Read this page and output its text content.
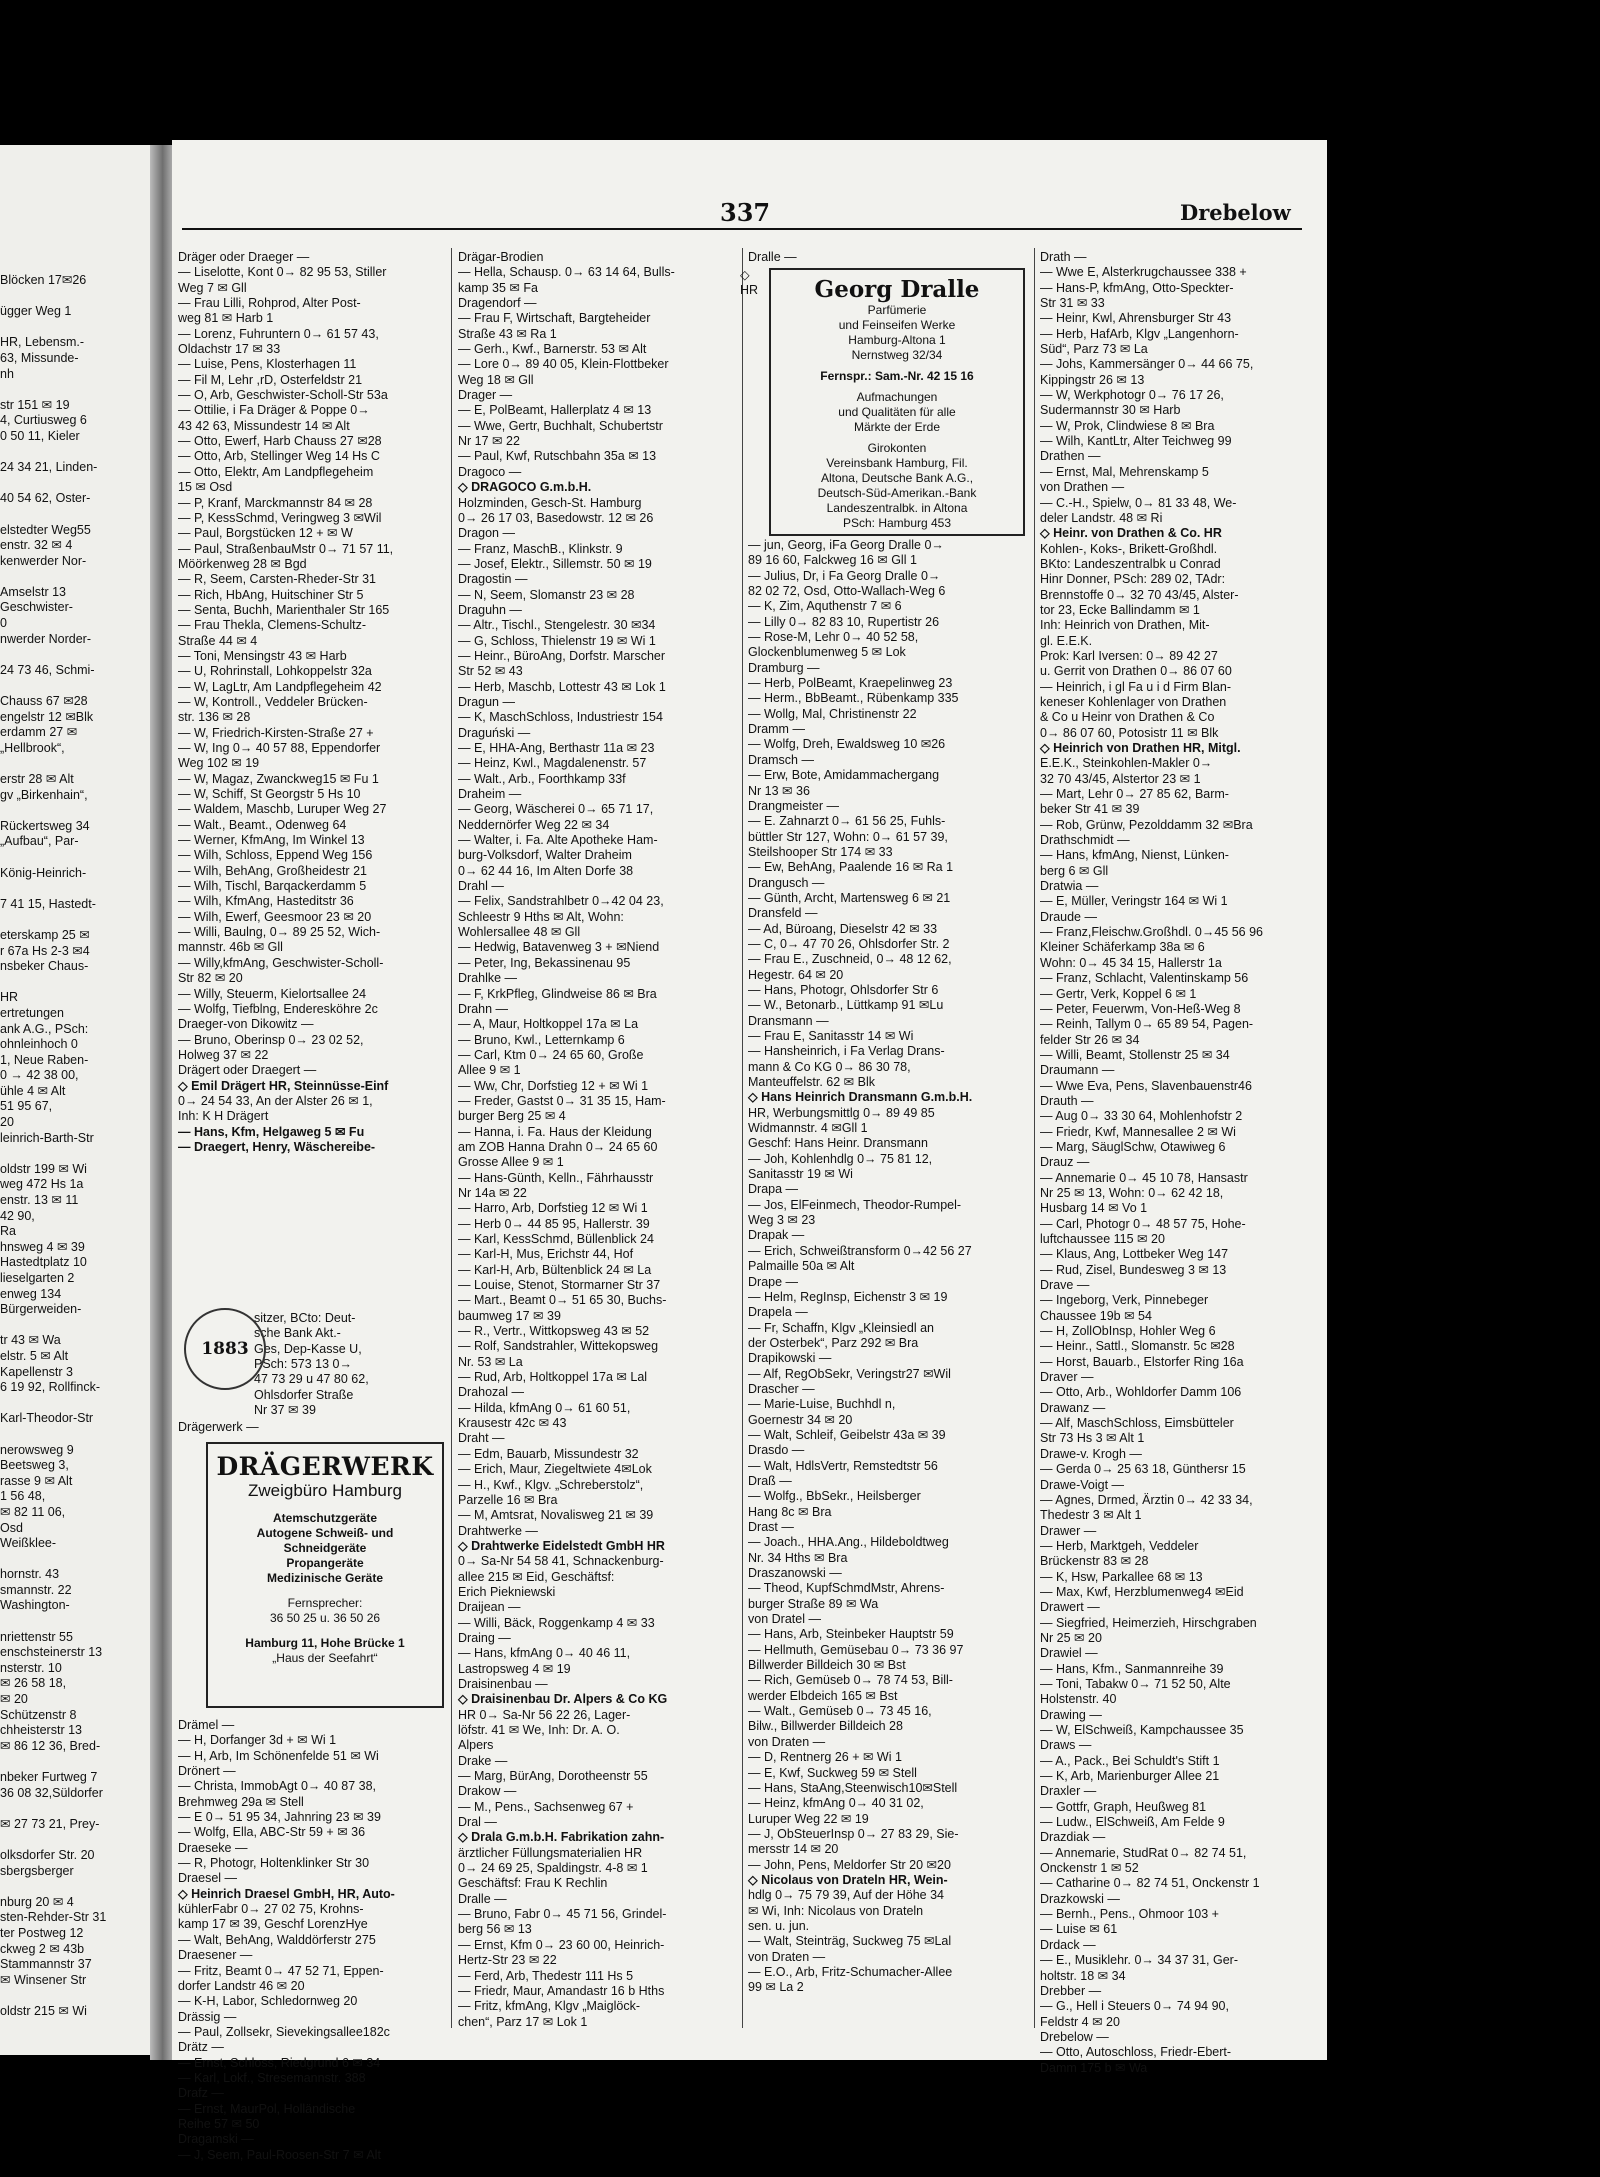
Blöcken 17✉26

ügger Weg 1

HR, Lebensm.-
63, Missunde-
nh

str 151 ✉ 19
4, Curtiusweg 6
0 50 11, Kieler

24 34 21, Linden-

40 54 62, Oster-

elstedter Weg55
enstr. 32 ✉ 4
kenwerder Nor-

Amselstr 13
Geschwister-
0
nwerder Norder-

24 73 46, Schmi-

Chauss 67 ✉28
engelstr 12 ✉Blk
erdamm 27 ✉
„Hellbrook“,

erstr 28 ✉ Alt
gv „Birkenhain“,

Rückertsweg 34
„Aufbau“, Par-

König-Heinrich-

7 41 15, Hastedt-

eterskamp 25 ✉
r 67a Hs 2-3 ✉4
nsbeker Chaus-

HR
ertretungen
ank A.G., PSch:
ohnleinhoch 0
1, Neue Raben-
0 → 42 38 00,
ühle 4 ✉ Alt
51 95 67,
20
leinrich-Barth-Str

oldstr 199 ✉ Wi
weg 472 Hs 1a
enstr. 13 ✉ 11
42 90,
Ra
hnsweg 4 ✉ 39
Hastedtplatz 10
lieselgarten 2
enweg 134
Bürgerweiden-

tr 43 ✉ Wa
elstr. 5 ✉ Alt
Kapellenstr 3
6 19 92, Rollfinck-

Karl-Theodor-Str

nerowsweg 9
Beetsweg 3,
rasse 9 ✉ Alt
1 56 48,
✉ 82 11 06,
Osd
Weißklee-

hornstr. 43
smannstr. 22
Washington-

nriettenstr 55
enschsteinerstr 13
nsterstr. 10
✉ 26 58 18,
✉ 20
Schützenstr 8
chheisterstr 13
✉ 86 12 36, Bred-

nbeker Furtweg 7
36 08 32,Süldorfer

✉ 27 73 21, Prey-

olksdorfer Str. 20
sbergsberger

nburg 20 ✉ 4
sten-Rehder-Str 31
ter Postweg 12
ckweg 2 ✉ 43b
Stammannstr 37
✉ Winsener Str

oldstr 215 ✉ Wi
337	Drebelow
Dräger oder Draeger —
— Liselotte, Kont 0→ 82 95 53, Stiller
Weg 7 ✉ Gll
— Frau Lilli, Rohprod, Alter Post-
weg 81 ✉ Harb 1
— Lorenz, Fuhruntern 0→ 61 57 43,
Oldachstr 17 ✉ 33
— Luise, Pens, Klosterhagen 11
— Fil M, Lehr ,rD, Osterfeldstr 21
— O, Arb, Geschwister-Scholl-Str 53a
— Ottilie, i Fa Dräger & Poppe 0→
43 42 63, Missundestr 14 ✉ Alt
— Otto, Ewerf, Harb Chauss 27 ✉28
— Otto, Arb, Stellinger Weg 14 Hs C
— Otto, Elektr, Am Landpflegeheim
15 ✉ Osd
— P, Kranf, Marckmannstr 84 ✉ 28
— P, KessSchmd, Veringweg 3 ✉Wil
— Paul, Borgstücken 12 + ✉ W
— Paul, StraßenbauMstr 0→ 71 57 11,
Möörkenweg 28 ✉ Bgd
— R, Seem, Carsten-Rheder-Str 31
— Rich, HbAng, Huitschiner Str 5
— Senta, Buchh, Marienthaler Str 165
— Frau Thekla, Clemens-Schultz-
Straße 44 ✉ 4
— Toni, Mensingstr 43 ✉ Harb
— U, Rohrinstall, Lohkoppelstr 32a
— W, LagLtr, Am Landpflegeheim 42
— W, Kontroll., Veddeler Brücken-
str. 136 ✉ 28
— W, Friedrich-Kirsten-Straße 27 +
— W, Ing 0→ 40 57 88, Eppendorfer
Weg 102 ✉ 19
— W, Magaz, Zwanckweg15 ✉ Fu 1
— W, Schiff, St Georgstr 5 Hs 10
— Waldem, Maschb, Luruper Weg 27
— Walt., Beamt., Odenweg 64
— Werner, KfmAng, Im Winkel 13
— Wilh, Schloss, Eppend Weg 156
— Wilh, BehAng, Großheidestr 21
— Wilh, Tischl, Barqackerdamm 5
— Wilh, KfmAng, Hasteditstr 36
— Wilh, Ewerf, Geesmoor 23 ✉ 20
— Willi, Baulng, 0→ 89 25 52, Wich-
mannstr. 46b ✉ Gll
— Willy,kfmAng, Geschwister-Scholl-
Str 82 ✉ 20
— Willy, Steuerm, Kielortsallee 24
— Wolfg, Tiefblng, Enderesköhre 2c
Draeger-von Dikowitz —
— Bruno, Oberinsp 0→ 23 02 52,
Holweg 37 ✉ 22
Drägert oder Draegert —
◇ Emil Drägert HR, Steinnüsse-Einf
0→ 24 54 33, An der Alster 26 ✉ 1,
Inh: K H Drägert
— Hans, Kfm, Helgaweg 5 ✉ Fu
— Draegert, Henry, Wäschereibe-
sitzer, BCto: Deut-
sche Bank Akt.-
Ges, Dep-Kasse U,
PSch: 573 13 0→
47 73 29 u 47 80 62,
Ohlsdorfer Straße
Nr 37 ✉ 39
1883
Drägerwerk —
DRÄGERWERK
Zweigbüro Hamburg
Atemschutzgeräte
Autogene Schweiß- und
Schneidgeräte
Propangeräte
Medizinische Geräte
Fernsprecher:
36 50 25 u. 36 50 26
Hamburg 11, Hohe Brücke 1
„Haus der Seefahrt“
Drämel —
— H, Dorfanger 3d + ✉ Wi 1
— H, Arb, Im Schönenfelde 51 ✉ Wi
Drönert —
— Christa, ImmobAgt 0→ 40 87 38,
Brehmweg 29a ✉ Stell
— E 0→ 51 95 34, Jahnring 23 ✉ 39
— Wolfg, Ella, ABC-Str 59 + ✉ 36
Draeseke —
— R, Photogr, Holtenklinker Str 30
Draesel —
◇ Heinrich Draesel GmbH, HR, Auto-
kühlerFabr 0→ 27 02 75, Krohns-
kamp 17 ✉ 39, Geschf LorenzHye
— Walt, BehAng, Walddörferstr 275
Draesener —
— Fritz, Beamt 0→ 47 52 71, Eppen-
dorfer Landstr 46 ✉ 20
— K-H, Labor, Schledornweg 20
Drässig —
— Paul, Zollsekr, Sievekingsallee182c
Drätz —
— Ernst, Schloss, Riedgrund 6 ✉ 34
— Karl, Lokf., Stresemannstr. 388
Drafz —
— Ernst, MaurPol, Holländische
Reihe 57 ✉ 50
Dragamski —
— J, Seem, Paul-Roosen-Str 7 ✉ Alt
Drägar-Brodien
— Hella, Schausp. 0→ 63 14 64, Bulls-
kamp 35 ✉ Fa
Dragendorf —
— Frau F, Wirtschaft, Bargteheider
Straße 43 ✉ Ra 1
— Gerh., Kwf., Barnerstr. 53 ✉ Alt
— Lore 0→ 89 40 05, Klein-Flottbeker
Weg 18 ✉ Gll
Drager —
— E, PolBeamt, Hallerplatz 4 ✉ 13
— Wwe, Gertr, Buchhalt, Schubertstr
Nr 17 ✉ 22
— Paul, Kwf, Rutschbahn 35a ✉ 13
Dragoco —
◇ DRAGOCO G.m.b.H.
Holzminden, Gesch-St. Hamburg
0→ 26 17 03, Basedowstr. 12 ✉ 26
Dragon —
— Franz, MaschB., Klinkstr. 9
— Josef, Elektr., Sillemstr. 50 ✉ 19
Dragostin —
— N, Seem, Slomanstr 23 ✉ 28
Draguhn —
— Altr., Tischl., Stengelestr. 30 ✉34
— G, Schloss, Thielenstr 19 ✉ Wi 1
— Heinr., BüroAng, Dorfstr. Marscher
Str 52 ✉ 43
— Herb, Maschb, Lottestr 43 ✉ Lok 1
Dragun —
— K, MaschSchloss, Industriestr 154
Draguński —
— E, HHA-Ang, Berthastr 11a ✉ 23
— Heinz, Kwl., Magdalenenstr. 57
— Walt., Arb., Foorthkamp 33f
Draheim —
— Georg, Wäscherei 0→ 65 71 17,
Neddernörfer Weg 22 ✉ 34
— Walter, i. Fa. Alte Apotheke Ham-
burg-Volksdorf, Walter Draheim
0→ 62 44 16, Im Alten Dorfe 38
Drahl —
— Felix, Sandstrahlbetr 0→42 04 23,
Schleestr 9 Hths ✉ Alt, Wohn:
Wohlersallee 48 ✉ Gll
— Hedwig, Batavenweg 3 + ✉Niend
— Peter, Ing, Bekassinenau 95
Drahlke —
— F, KrkPfleg, Glindweise 86 ✉ Bra
Drahn —
— A, Maur, Holtkoppel 17a ✉ La
— Bruno, Kwl., Letternkamp 6
— Carl, Ktm 0→ 24 65 60, Große
Allee 9 ✉ 1
— Ww, Chr, Dorfstieg 12 + ✉ Wi 1
— Freder, Gastst 0→ 31 35 15, Ham-
burger Berg 25 ✉ 4
— Hanna, i. Fa. Haus der Kleidung
am ZOB Hanna Drahn 0→ 24 65 60
Grosse Allee 9 ✉ 1
— Hans-Günth, Kelln., Fährhausstr
Nr 14a ✉ 22
— Harro, Arb, Dorfstieg 12 ✉ Wi 1
— Herb 0→ 44 85 95, Hallerstr. 39
— Karl, KessSchmd, Büllenblick 24
— Karl-H, Mus, Erichstr 44, Hof
— Karl-H, Arb, Bültenblick 24 ✉ La
— Louise, Stenot, Stormarner Str 37
— Mart., Beamt 0→ 51 65 30, Buchs-
baumweg 17 ✉ 39
— R., Vertr., Wittkopsweg 43 ✉ 52
— Rolf, Sandstrahler, Wittekopsweg
Nr. 53 ✉ La
— Rud, Arb, Holtkoppel 17a ✉ Lal
Drahozal —
— Hilda, kfmAng 0→ 61 60 51,
Krausestr 42c ✉ 43
Draht —
— Edm, Bauarb, Missundestr 32
— Erich, Maur, Ziegeltwiete 4✉Lok
— H., Kwf., Klgv. „Schreberstolz“,
Parzelle 16 ✉ Bra
— M, Amtsrat, Novalisweg 21 ✉ 39
Drahtwerke —
◇ Drahtwerke Eidelstedt GmbH HR
0→ Sa-Nr 54 58 41, Schnackenburg-
allee 215 ✉ Eid, Geschäftsf:
Erich Piekniewski
Draijean —
— Willi, Bäck, Roggenkamp 4 ✉ 33
Draing —
— Hans, kfmAng 0→ 40 46 11,
Lastropsweg 4 ✉ 19
Draisinenbau —
◇ Draisinenbau Dr. Alpers & Co KG
HR 0→ Sa-Nr 56 22 26, Lager-
löfstr. 41 ✉ We, Inh: Dr. A. O.
Alpers
Drake —
— Marg, BürAng, Dorotheenstr 55
Drakow —
— M., Pens., Sachsenweg 67 +
Dral —
◇ Drala G.m.b.H. Fabrikation zahn-
ärztlicher Füllungsmaterialien HR
0→ 24 69 25, Spaldingstr. 4-8 ✉ 1
Geschäftsf: Frau K Rechlin
Dralle —
— Bruno, Fabr 0→ 45 71 56, Grindel-
berg 56 ✉ 13
— Ernst, Kfm 0→ 23 60 00, Heinrich-
Hertz-Str 23 ✉ 22
— Ferd, Arb, Thedestr 111 Hs 5
— Friedr, Maur, Amandastr 16 b Hths
— Fritz, kfmAng, Klgv „Maiglöck-
chen“, Parz 17 ✉ Lok 1
Dralle —
◇ HR	Georg Dralle
Parfümerie
und Feinseifen Werke
Hamburg-Altona 1
Nernstweg 32/34
Fernspr.: Sam.-Nr. 42 15 16
Aufmachungen
und Qualitäten für alle
Märkte der Erde
Girokonten
Vereinsbank Hamburg, Fil.
Altona, Deutsche Bank A.G.,
Deutsch-Süd-Amerikan.-Bank
Landeszentralbk. in Altona
PSch: Hamburg 453
— jun, Georg, iFa Georg Dralle 0→
89 16 60, Falckweg 16 ✉ Gll 1
— Julius, Dr, i Fa Georg Dralle 0→
82 02 72, Osd, Otto-Wallach-Weg 6
— K, Zim, Aquthenstr 7 ✉ 6
— Lilly 0→ 82 83 10, Rupertistr 26
— Rose-M, Lehr 0→ 40 52 58,
Glockenblumenweg 5 ✉ Lok
Dramburg —
— Herb, PolBeamt, Kraepelinweg 23
— Herm., BbBeamt., Rübenkamp 335
— Wollg, Mal, Christinenstr 22
Dramm —
— Wolfg, Dreh, Ewaldsweg 10 ✉26
Dramsch —
— Erw, Bote, Amidammachergang
Nr 13 ✉ 36
Drangmeister —
— E. Zahnarzt 0→ 61 56 25, Fuhls-
büttler Str 127, Wohn: 0→ 61 57 39,
Steilshooper Str 174 ✉ 33
— Ew, BehAng, Paalende 16 ✉ Ra 1
Drangusch —
— Günth, Archt, Martensweg 6 ✉ 21
Dransfeld —
— Ad, Büroang, Dieselstr 42 ✉ 33
— C, 0→ 47 70 26, Ohlsdorfer Str. 2
— Frau E., Zuschneid, 0→ 48 12 62,
Hegestr. 64 ✉ 20
— Hans, Photogr, Ohlsdorfer Str 6
— W., Betonarb., Lüttkamp 91 ✉Lu
Dransmann —
— Frau E, Sanitasstr 14 ✉ Wi
— Hansheinrich, i Fa Verlag Drans-
mann & Co KG 0→ 86 30 78,
Manteuffelstr. 62 ✉ Blk
◇ Hans Heinrich Dransmann G.m.b.H.
HR, Werbungsmittlg 0→ 89 49 85
Widmannstr. 4 ✉Gll 1
Geschf: Hans Heinr. Dransmann
— Joh, Kohlenhdlg 0→ 75 81 12,
Sanitasstr 19 ✉ Wi
Drapa —
— Jos, ElFeinmech, Theodor-Rumpel-
Weg 3 ✉ 23
Drapak —
— Erich, Schweißtransform 0→42 56 27
Palmaille 50a ✉ Alt
Drape —
— Helm, RegInsp, Eichenstr 3 ✉ 19
Drapela —
— Fr, Schaffn, Klgv „Kleinsiedl an
der Osterbek“, Parz 292 ✉ Bra
Drapikowski —
— Alf, RegObSekr, Veringstr27 ✉Wil
Drascher —
— Marie-Luise, Buchhdl n,
Goernestr 34 ✉ 20
— Walt, Schleif, Geibelstr 43a ✉ 39
Drasdo —
— Walt, HdlsVertr, Remstedtstr 56
Draß —
— Wolfg., BbSekr., Heilsberger
Hang 8c ✉ Bra
Drast —
— Joach., HHA.Ang., Hildeboldtweg
Nr. 34 Hths ✉ Bra
Draszanowski —
— Theod, KupfSchmdMstr, Ahrens-
burger Straße 89 ✉ Wa
von Dratel —
— Hans, Arb, Steinbeker Hauptstr 59
— Hellmuth, Gemüsebau 0→ 73 36 97
Billwerder Billdeich 30 ✉ Bst
— Rich, Gemüseb 0→ 78 74 53, Bill-
werder Elbdeich 165 ✉ Bst
— Walt., Gemüseb 0→ 73 45 16,
Bilw., Billwerder Billdeich 28
von Draten —
— D, Rentnerg 26 + ✉ Wi 1
— E, Kwf, Suckweg 59 ✉ Stell
— Hans, StaAng,Steenwisch10✉Stell
— Heinz, kfmAng 0→ 40 31 02,
Luruper Weg 22 ✉ 19
— J, ObSteuerInsp 0→ 27 83 29, Sie-
mersstr 14 ✉ 20
— John, Pens, Meldorfer Str 20 ✉20
◇ Nicolaus von Drateln HR, Wein-
hdlg 0→ 75 79 39, Auf der Höhe 34
✉ Wi, Inh: Nicolaus von Drateln
sen. u. jun.
— Walt, Steinträg, Suckweg 75 ✉Lal
von Draten —
— E.O., Arb, Fritz-Schumacher-Allee
99 ✉ La 2
Drath —
— Wwe E, Alsterkrugchaussee 338 +
— Hans-P, kfmAng, Otto-Speckter-
Str 31 ✉ 33
— Heinr, Kwl, Ahrensburger Str 43
— Herb, HafArb, Klgv „Langenhorn-
Süd“, Parz 73 ✉ La
— Johs, Kammersänger 0→ 44 66 75,
Kippingstr 26 ✉ 13
— W, Werkphotogr 0→ 76 17 26,
Sudermannstr 30 ✉ Harb
— W, Prok, Clindwiese 8 ✉ Bra
— Wilh, KantLtr, Alter Teichweg 99
Drathen —
— Ernst, Mal, Mehrenskamp 5
von Drathen —
— C.-H., Spielw, 0→ 81 33 48, We-
deler Landstr. 48 ✉ Ri
◇ Heinr. von Drathen & Co. HR
Kohlen-, Koks-, Brikett-Großhdl.
BKto: Landeszentralbk u Conrad
Hinr Donner, PSch: 289 02, TAdr:
Brennstoffe 0→ 32 70 43/45, Alster-
tor 23, Ecke Ballindamm ✉ 1
Inh: Heinrich von Drathen, Mit-
gl. E.E.K.
Prok: Karl Iversen: 0→ 89 42 27
u. Gerrit von Drathen 0→ 86 07 60
— Heinrich, i gl Fa u i d Firm Blan-
keneser Kohlenlager von Drathen
& Co u Heinr von Drathen & Co
0→ 86 07 60, Potosistr 11 ✉ Blk
◇ Heinrich von Drathen HR, Mitgl.
E.E.K., Steinkohlen-Makler 0→
32 70 43/45, Alstertor 23 ✉ 1
— Mart, Lehr 0→ 27 85 62, Barm-
beker Str 41 ✉ 39
— Rob, Grünw, Pezolddamm 32 ✉Bra
Drathschmidt —
— Hans, kfmAng, Nienst, Lünken-
berg 6 ✉ Gll
Dratwia —
— E, Müller, Veringstr 164 ✉ Wi 1
Draude —
— Franz,Fleischw.Großhdl. 0→45 56 96
Kleiner Schäferkamp 38a ✉ 6
Wohn: 0→ 45 34 15, Hallerstr 1a
— Franz, Schlacht, Valentinskamp 56
— Gertr, Verk, Koppel 6 ✉ 1
— Peter, Feuerwm, Von-Heß-Weg 8
— Reinh, Tallym 0→ 65 89 54, Pagen-
felder Str 26 ✉ 34
— Willi, Beamt, Stollenstr 25 ✉ 34
Draumann —
— Wwe Eva, Pens, Slavenbauenstr46
Drauth —
— Aug 0→ 33 30 64, Mohlenhofstr 2
— Friedr, Kwf, Mannesallee 2 ✉ Wi
— Marg, SäuglSchw, Otawiweg 6
Drauz —
— Annemarie 0→ 45 10 78, Hansastr
Nr 25 ✉ 13, Wohn: 0→ 62 42 18,
Husbarg 14 ✉ Vo 1
— Carl, Photogr 0→ 48 57 75, Hohe-
luftchaussee 115 ✉ 20
— Klaus, Ang, Lottbeker Weg 147
— Rud, Zisel, Bundesweg 3 ✉ 13
Drave —
— Ingeborg, Verk, Pinnebeger
Chaussee 19b ✉ 54
— H, ZollObInsp, Hohler Weg 6
— Heinr., Sattl., Slomanstr. 5c ✉28
— Horst, Bauarb., Elstorfer Ring 16a
Draver —
— Otto, Arb., Wohldorfer Damm 106
Drawanz —
— Alf, MaschSchloss, Eimsbütteler
Str 73 Hs 3 ✉ Alt 1
Drawe-v. Krogh —
— Gerda 0→ 25 63 18, Günthersr 15
Drawe-Voigt —
— Agnes, Drmed, Ärztin 0→ 42 33 34,
Thedestr 3 ✉ Alt 1
Drawer —
— Herb, Marktgeh, Veddeler
Brückenstr 83 ✉ 28
— K, Hsw, Parkallee 68 ✉ 13
— Max, Kwf, Herzblumenweg4 ✉Eid
Drawert —
— Siegfried, Heimerzieh, Hirschgraben
Nr 25 ✉ 20
Drawiel —
— Hans, Kfm., Sanmannreihe 39
— Toni, Tabakw 0→ 71 52 50, Alte
Holstenstr. 40
Drawing —
— W, ElSchweiß, Kampchaussee 35
Draws —
— A., Pack., Bei Schuldt's Stift 1
— K, Arb, Marienburger Allee 21
Draxler —
— Gottfr, Graph, Heußweg 81
— Ludw., ElSchweiß, Am Felde 9
Drazdiak —
— Annemarie, StudRat 0→ 82 74 51,
Onckenstr 1 ✉ 52
— Catharine 0→ 82 74 51, Onckenstr 1
Drazkowski —
— Bernh., Pens., Ohmoor 103 +
— Luise ✉ 61
Drdack —
— E., Musiklehr. 0→ 34 37 31, Ger-
holtstr. 18 ✉ 34
Drebber —
— G., Hell i Steuers 0→ 74 94 90,
Feldstr 4 ✉ 20
Drebelow —
— Otto, Autoschloss, Friedr-Ebert-
Damm 175 b ✉ Wa
